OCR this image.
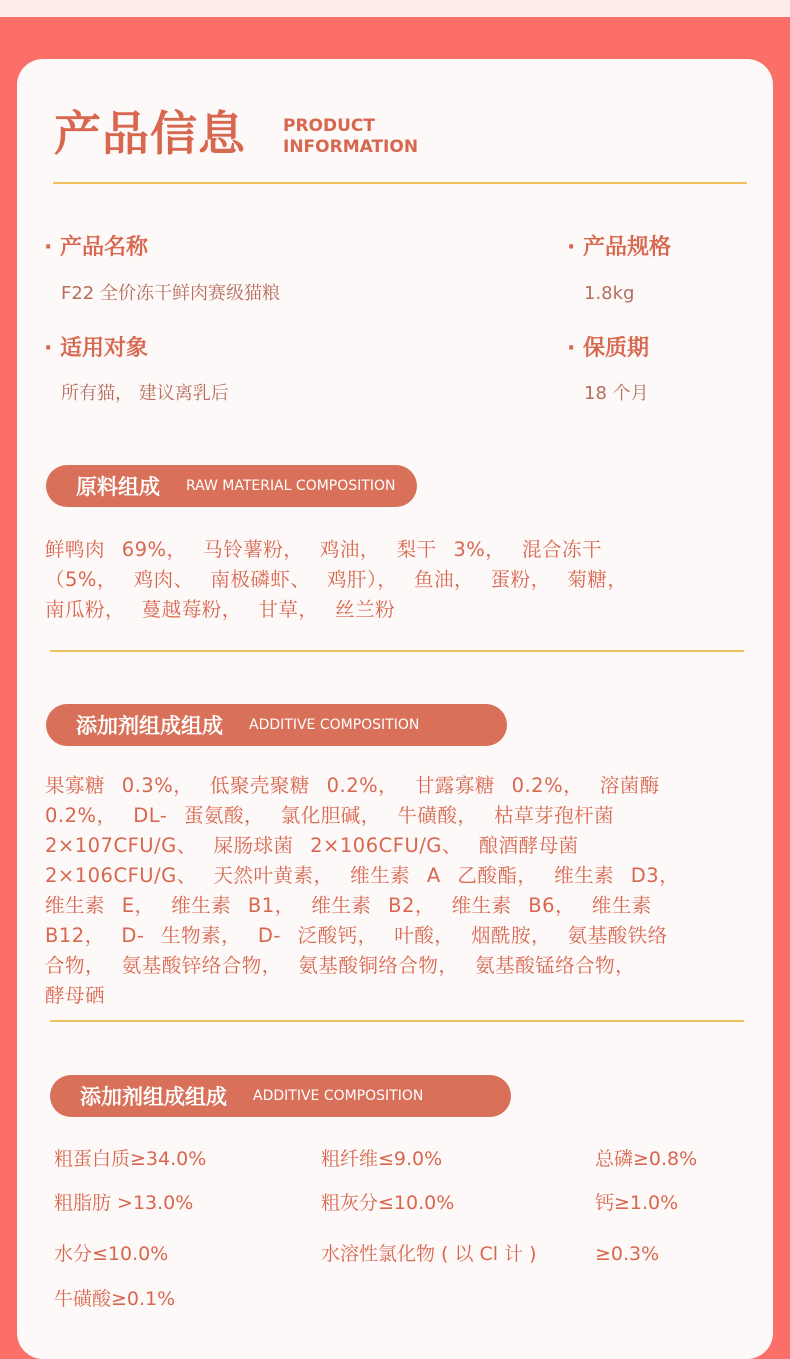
产品信息 PRODUCT
INFORMATION
· 产品名称
F22 全价冻干鲜肉赛级猫粮
· 产品规格
1.8kg
· 适用对象
所有猫， 建议离乳后
· 保质期
18 个月
原料组成 RAW MATERIAL COMPOSITION
鲜鸭肉 69%， 马铃薯粉， 鸡油， 梨干 3%， 混合冻干
（5%， 鸡肉、 南极磷虾、 鸡肝）， 鱼油， 蛋粉， 菊糖，
南瓜粉， 蔓越莓粉， 甘草， 丝兰粉
添加剂组成组成 ADDITIVE COMPOSITION
果寡糖 0.3%， 低聚壳聚糖 0.2%， 甘露寡糖 0.2%， 溶菌酶
0.2%， DL- 蛋氨酸， 氯化胆碱， 牛磺酸， 枯草芽孢杆菌
2×107CFU/G、 屎肠球菌 2×106CFU/G、 酿酒酵母菌
2×106CFU/G、 天然叶黄素， 维生素 A 乙酸酯， 维生素 D3，
维生素 E， 维生素 B1， 维生素 B2， 维生素 B6， 维生素
B12， D- 生物素， D- 泛酸钙， 叶酸， 烟酰胺， 氨基酸铁络
合物， 氨基酸锌络合物， 氨基酸铜络合物， 氨基酸锰络合物，
酵母硒
添加剂组成组成 ADDITIVE COMPOSITION
粗蛋白质≥34.0%	粗纤维≤9.0%	总磷≥0.8%
粗脂肪 >13.0%	粗灰分≤10.0%	钙≥1.0%
水分≤10.0%	水溶性氯化物 ( 以 Cl 计 )	≥0.3%
牛磺酸≥0.1%
